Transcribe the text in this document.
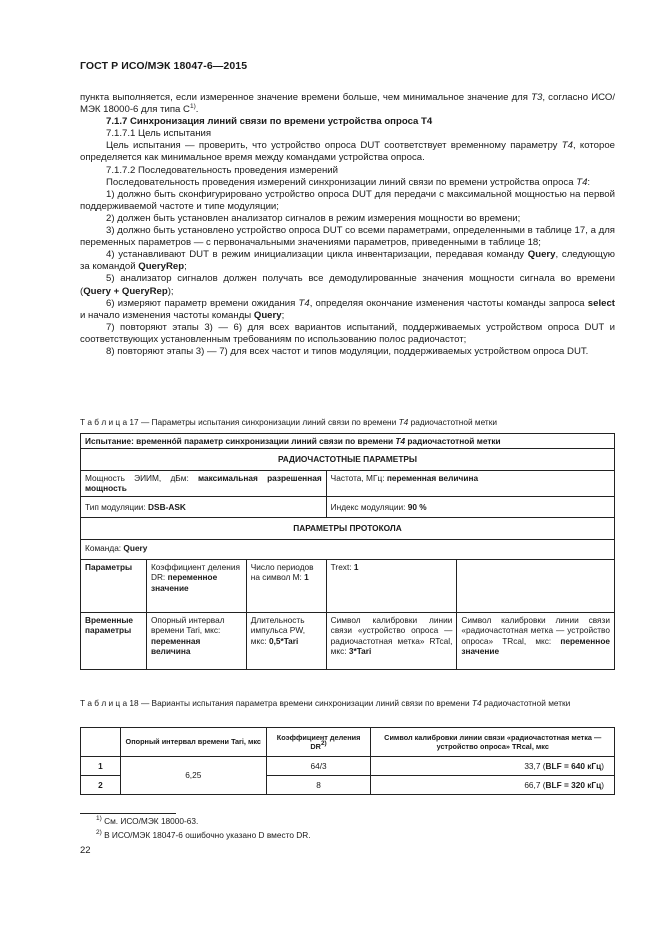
ГОСТ Р ИСО/МЭК 18047-6—2015

пункта выполняется, если измеренное значение времени больше, чем минимальное значение для T3, согласно ИСО/МЭК 18000-6 для типа $C^{1)}$.

7.1.7 Синхронизация линий связи по времени устройства опроса T4

7.1.7.1 Цель испытания

Цель испытания — проверить, что устройство опроса DUT соответствует временному параметру T4, которое определяется как минимальное время между командами устройства опроса.

7.1.7.2 Последовательность проведения измерений

Последовательность проведения измерений синхронизации линий связи по времени устройства опроса T4:

1) должно быть сконфигурировано устройство опроса DUT для передачи с максимальной мощностью на первой поддерживаемой частоте и типе модуляции;

2) должен быть установлен анализатор сигналов в режим измерения мощности во времени;

3) должно быть установлено устройство опроса DUT со всеми параметрами, определенными в таблице 17, а для переменных параметров — с первоначальными значениями параметров, приведенными в таблице 18;

4) устанавливают DUT в режим инициализации цикла инвентаризации, передавая команду Query, следующую за командой QueryRep;

5) анализатор сигналов должен получать все демодулированные значения мощности сигнала во времени (Query + QueryRep);

6) измеряют параметр времени ожидания T4, определяя окончание изменения частоты команды запроса select и начало изменения частоты команды Query;

7) повторяют этапы 3) — 6) для всех вариантов испытаний, поддерживаемых устройством опроса DUT и соответствующих установленным требованиям по использованию полос радиочастот;

8) повторяют этапы 3) — 7) для всех частот и типов модуляции, поддерживаемых устройством опроса DUT.

Т а б л и ц а 17 — Параметры испытания синхронизации линий связи по времени T4 радиочастотной метки

Испытание: временнóй параметр синхронизации линий связи по времени T4 радиочастотной метки				
РАДИОЧАСТОТНЫЕ ПАРАМЕТРЫ				
Мощность ЭИИМ, дБм: максимальная разрешенная мощность			Частота, МГц: переменная величина	
Тип модуляции: DSB-ASK			Индекс модуляции: 90 %	
ПАРАМЕТРЫ ПРОТОКОЛА				
Команда: Query				
Параметры	Коэффициент деления DR: переменное значение	Число периодов на символ M: 1	Trext: 1	
Временные параметры	Опорный интервал времени Tari, мкс: переменная величина	Длительность импульса PW, мкс: 0,5*Tari	Символ калибровки линии связи «устройство опроса — радиочастотная метка» RTcal, мкс: 3*Tari	Символ калибровки линии связи «радиочастотная метка — устройство опроса» TRcal, мкс: переменное значение

Т а б л и ц а 18 — Варианты испытания параметра времени синхронизации линий связи по времени T4 радиочастотной метки

	Опорный интервал времени Tari, мкс	Коэффициент деления DR2)	Символ калибровки линии связи «радиочастотная метка — устройство опроса» TRcal, мкс
1	6,25	64/3	33,7 (BLF = 640 кГц)
2		8	66,7 (BLF = 320 кГц)
$^{1)}$ См. ИСО/МЭК 18000-63.
$^{2)}$ В ИСО/МЭК 18047-6 ошибочно указано D вместо DR.
22
